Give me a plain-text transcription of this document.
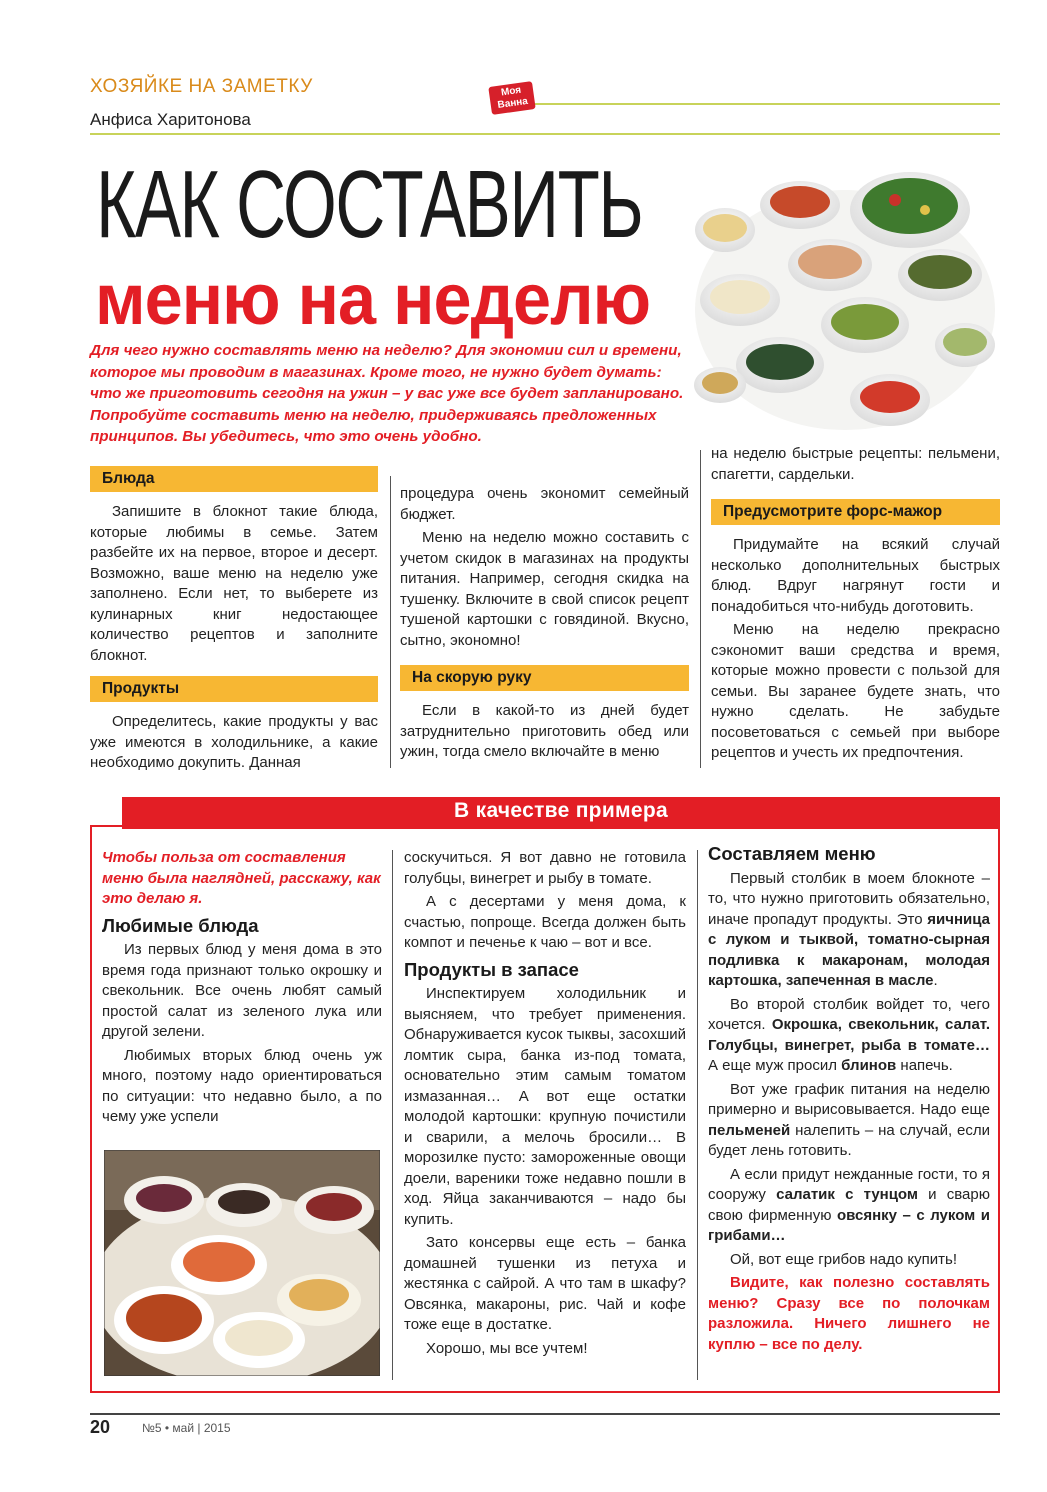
ХОЗЯЙКЕ НА ЗАМЕТКУ	Моя
Ванна
Анфиса Харитонова
КАК СОСТАВИТЬ
меню на неделю
Для чего нужно составлять меню на неделю? Для экономии сил и времени, которое мы проводим в магазинах. Кроме того, не нужно будет думать: что же приготовить сегодня на ужин – у вас уже все будет запланировано. Попробуйте составить меню на неделю, придерживаясь предложенных принципов. Вы убедитесь, что это очень удобно.
Блюда

Запишите в блокнот такие блюда, которые любимы в семье. Затем разбейте их на первое, второе и десерт. Возможно, ваше меню на неделю уже заполнено. Если нет, то выберете из кулинарных книг недостающее количество рецептов и заполните блокнот.

Продукты

Определитесь, какие продукты у вас уже имеются в холодильнике, а какие необходимо докупить. Данная

процедура очень экономит семейный бюджет.

Меню на неделю можно составить с учетом скидок в магазинах на продукты питания. Например, сегодня скидка на тушенку. Включите в свой список рецепт тушеной картошки с говядиной. Вкусно, сытно, экономно!

На скорую руку

Если в какой-то из дней будет затруднительно приготовить обед или ужин, тогда смело включайте в меню

на неделю быстрые рецепты: пельмени, спагетти, сардельки.

Предусмотрите форс-мажор

Придумайте на всякий случай несколько дополнительных быстрых блюд. Вдруг нагрянут гости и понадобиться что-нибудь доготовить.

Меню на неделю прекрасно сэкономит ваши средства и время, которые можно провести с пользой для семьи. Вы заранее будете знать, что нужно сделать. Не забудьте посоветоваться с семьей при выборе рецептов и учесть их предпочтения.

В качестве примера

Чтобы польза от составления меню была наглядней, расскажу, как это делаю я.

Любимые блюда

Из первых блюд у меня дома в это время года признают только окрошку и свекольник. Все очень любят самый простой салат из зеленого лука или другой зелени.

Любимых вторых блюд очень уж много, поэтому надо ориентироваться по ситуации: что недавно было, а по чему уже успели

соскучиться. Я вот давно не готовила голубцы, винегрет и рыбу в томате.

А с десертами у меня дома, к счастью, попроще. Всегда должен быть компот и печенье к чаю – вот и все.

Продукты в запасе

Инспектируем холодильник и выясняем, что требует применения. Обнаруживается кусок тыквы, засохший ломтик сыра, банка из-под томата, основательно этим самым томатом измазанная… А вот еще остатки молодой картошки: крупную почистили и сварили, а мелочь бросили… В морозилке пусто: замороженные овощи доели, вареники тоже недавно пошли в ход. Яйца заканчиваются – надо бы купить.

Зато консервы еще есть – банка домашней тушенки из петуха и жестянка с сайрой. А что там в шкафу? Овсянка, макароны, рис. Чай и кофе тоже еще в достатке.

Хорошо, мы все учтем!

Составляем меню

Первый столбик в моем блокноте – то, что нужно приготовить обязательно, иначе пропадут продукты. Это яичница с луком и тыквой, томатно-сырная подливка к макаронам, молодая картошка, запеченная в масле.

Во второй столбик войдет то, чего хочется. Окрошка, свекольник, салат. Голубцы, винегрет, рыба в томате… А еще муж просил блинов напечь.

Вот уже график питания на неделю примерно и вырисовывается. Надо еще пельменей налепить – на случай, если будет лень готовить.

А если придут нежданные гости, то я сооружу салатик с тунцом и сварю свою фирменную овсянку – с луком и грибами…

Ой, вот еще грибов надо купить!

Видите, как полезно составлять меню? Сразу все по полочкам разложила. Ничего лишнего не куплю – все по делу.

20	№5 • май | 2015
